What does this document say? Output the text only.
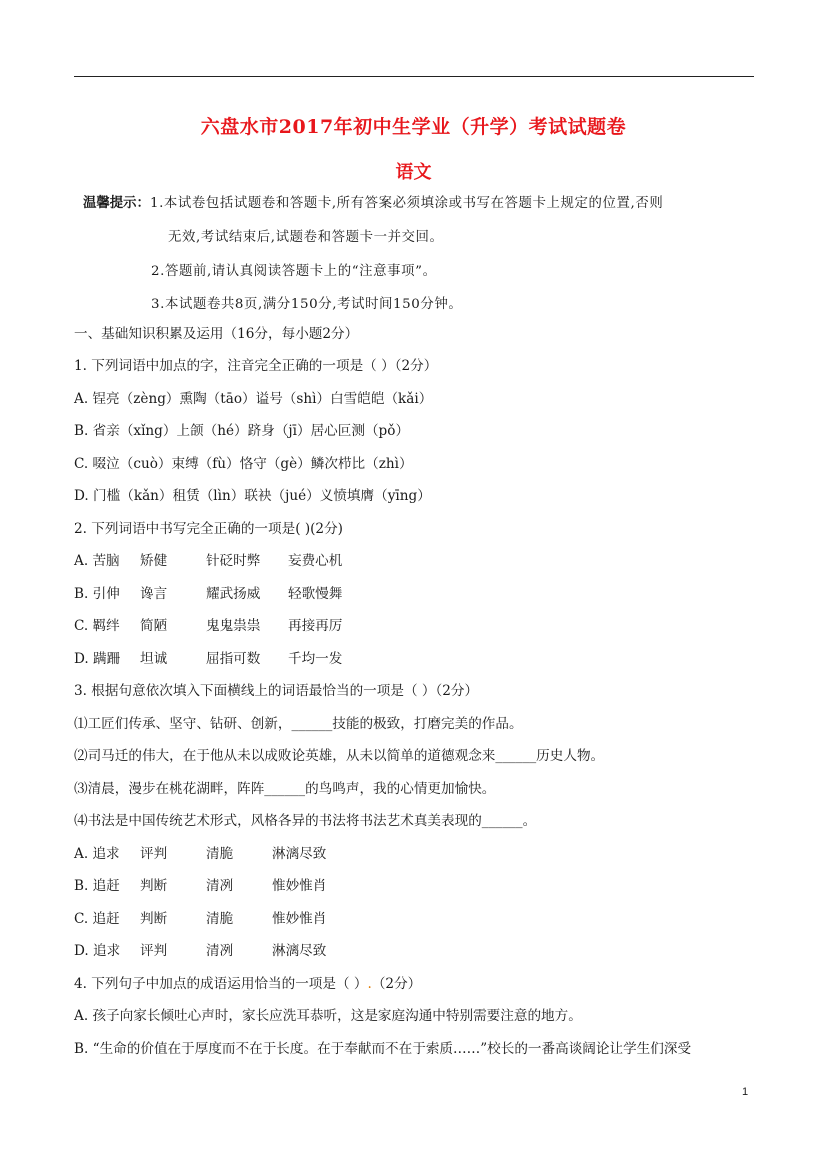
六盘水市2017年初中生学业（升学）考试试题卷
语文
温馨提示：1.本试卷包括试题卷和答题卡,所有答案必须填涂或书写在答题卡上规定的位置,否则
无效,考试结束后,试题卷和答题卡一并交回。
2.答题前,请认真阅读答题卡上的“注意事项”。
3.本试题卷共8页,满分150分,考试时间150分钟。
一、基础知识积累及运用（16分，每小题2分）
1. 下列词语中加点的字，注音完全正确的一项是（ ）（2分）
A. 锃亮（zèng）熏陶（tāo）谥号（shì）白雪皑皑（kǎi）
B. 省亲（xǐng）上颌（hé）跻身（jī）居心叵测（pǒ）
C. 啜泣（cuò）束缚（fù）恪守（gè）鳞次栉比（zhì）
D. 门槛（kǎn）租赁（lìn）联袂（jué）义愤填膺（yīng）
2. 下列词语中书写完全正确的一项是( )(2分)
A. 苦脑 矫健	针砭时弊 妄费心机
B. 引伸 谗言	耀武扬威 轻歌慢舞
C. 羁绊 简陋	鬼鬼祟祟 再接再厉
D. 蹒跚 坦诚	屈指可数 千均一发
3. 根据句意依次填入下面横线上的词语最恰当的一项是（ ）（2分）
⑴工匠们传承、坚守、钻研、创新，______技能的极致，打磨完美的作品。
⑵司马迁的伟大，在于他从未以成败论英雄，从未以简单的道德观念来______历史人物。
⑶清晨，漫步在桃花湖畔，阵阵______的鸟鸣声，我的心情更加愉快。
⑷书法是中国传统艺术形式，风格各异的书法将书法艺术真美表现的______。
A. 追求 评判	清脆	淋漓尽致
B. 追赶 判断	清冽	惟妙惟肖
C. 追赶 判断	清脆	惟妙惟肖
D. 追求 评判	清冽	淋漓尽致
4. 下列句子中加点的成语运用恰当的一项是（ ）.（2分）
A. 孩子向家长倾吐心声时，家长应洗耳恭听，这是家庭沟通中特别需要注意的地方。
B. “生命的价值在于厚度而不在于长度。在于奉献而不在于索质……”校长的一番高谈阔论让学生们深受
1
